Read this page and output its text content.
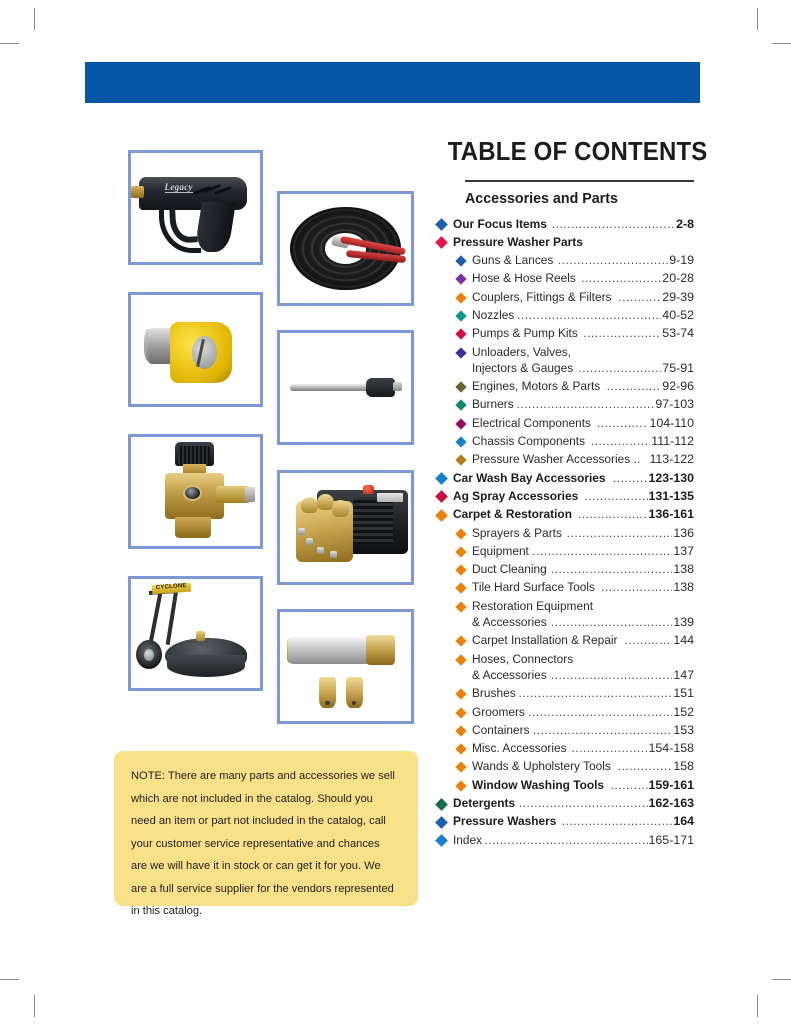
Legacy
CYCLONE

NOTE: There are many parts and accessories we sell which are not included in the catalog. Should you need an item or part not included in the catalog, call your customer service representative and chances are we will have it in stock or can get it for you. We are a full service supplier for the vendors represented in this catalog.

TABLE OF CONTENTS
Accessories and Parts
Our Focus Items .....	2-8
Pressure Washer Parts
Guns & Lances .....	9-19
Hose & Hose Reels .....	20-28
Couplers, Fittings & Filters .....	29-39
Nozzles .....	40-52
Pumps & Pump Kits .....	53-74
Unloaders, Valves,
Injectors & Gauges .....	75-91
Engines, Motors & Parts .....	92-96
Burners .....	97-103
Electrical Components .....	104-110
Chassis Components .....	111-112
Pressure Washer Accessories .. 113-122
Car Wash Bay Accessories .....	123-130
Ag Spray Accessories .....	131-135
Carpet & Restoration .....	136-161
Sprayers & Parts .....	136
Equipment .....	137
Duct Cleaning .....	138
Tile Hard Surface Tools .....	138
Restoration Equipment
& Accessories .....	139
Carpet Installation & Repair .....	144
Hoses, Connectors
& Accessories .....	147
Brushes .....	151
Groomers .....	152
Containers .....	153
Misc. Accessories .....	154-158
Wands & Upholstery Tools .....	158
Window Washing Tools .....	159-161
Detergents .....	162-163
Pressure Washers .....	164
Index .....	165-171
